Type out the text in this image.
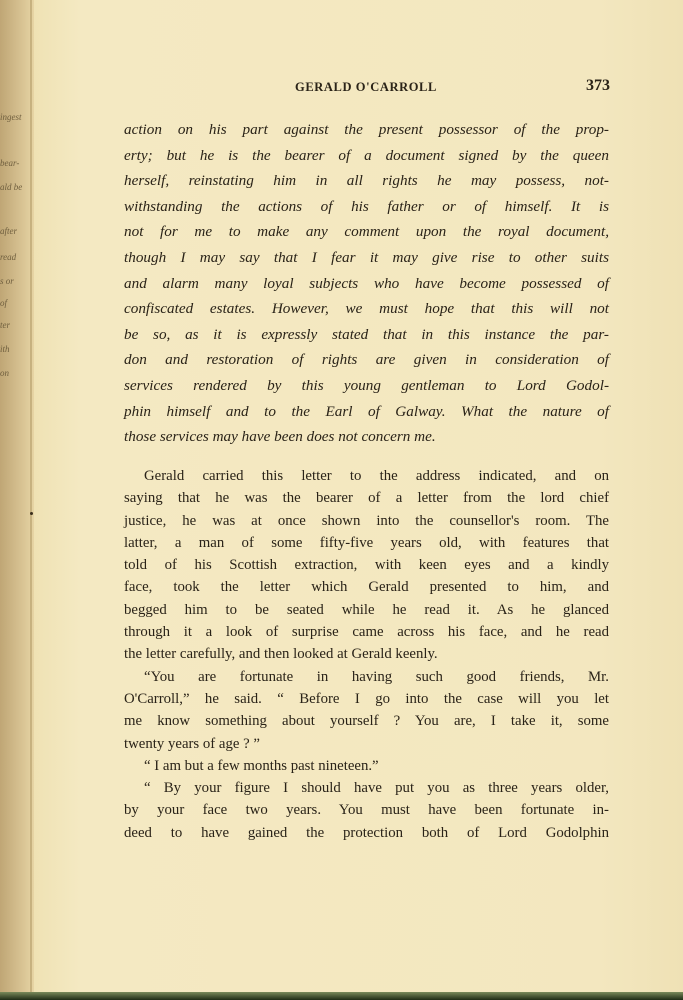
ingest
bear-
ald be
after
read
s or
of
ter
ith
on
GERALD O'CARROLL	373
action on his part against the present possessor of the prop-
erty; but he is the bearer of a document signed by the queen
herself, reinstating him in all rights he may possess, not-
withstanding the actions of his father or of himself. It is
not for me to make any comment upon the royal document,
though I may say that I fear it may give rise to other suits
and alarm many loyal subjects who have become possessed of
confiscated estates. However, we must hope that this will not
be so, as it is expressly stated that in this instance the par-
don and restoration of rights are given in consideration of
services rendered by this young gentleman to Lord Godol-
phin himself and to the Earl of Galway. What the nature of
those services may have been does not concern me.
Gerald carried this letter to the address indicated, and on
saying that he was the bearer of a letter from the lord chief
justice, he was at once shown into the counsellor's room. The
latter, a man of some fifty-five years old, with features that
told of his Scottish extraction, with keen eyes and a kindly
face, took the letter which Gerald presented to him, and
begged him to be seated while he read it. As he glanced
through it a look of surprise came across his face, and he read
the letter carefully, and then looked at Gerald keenly.
“You are fortunate in having such good friends, Mr.
O'Carroll,” he said. “ Before I go into the case will you let
me know something about yourself ? You are, I take it, some
twenty years of age ? ”
“ I am but a few months past nineteen.”
“ By your figure I should have put you as three years older,
by your face two years. You must have been fortunate in-
deed to have gained the protection both of Lord Godolphin
